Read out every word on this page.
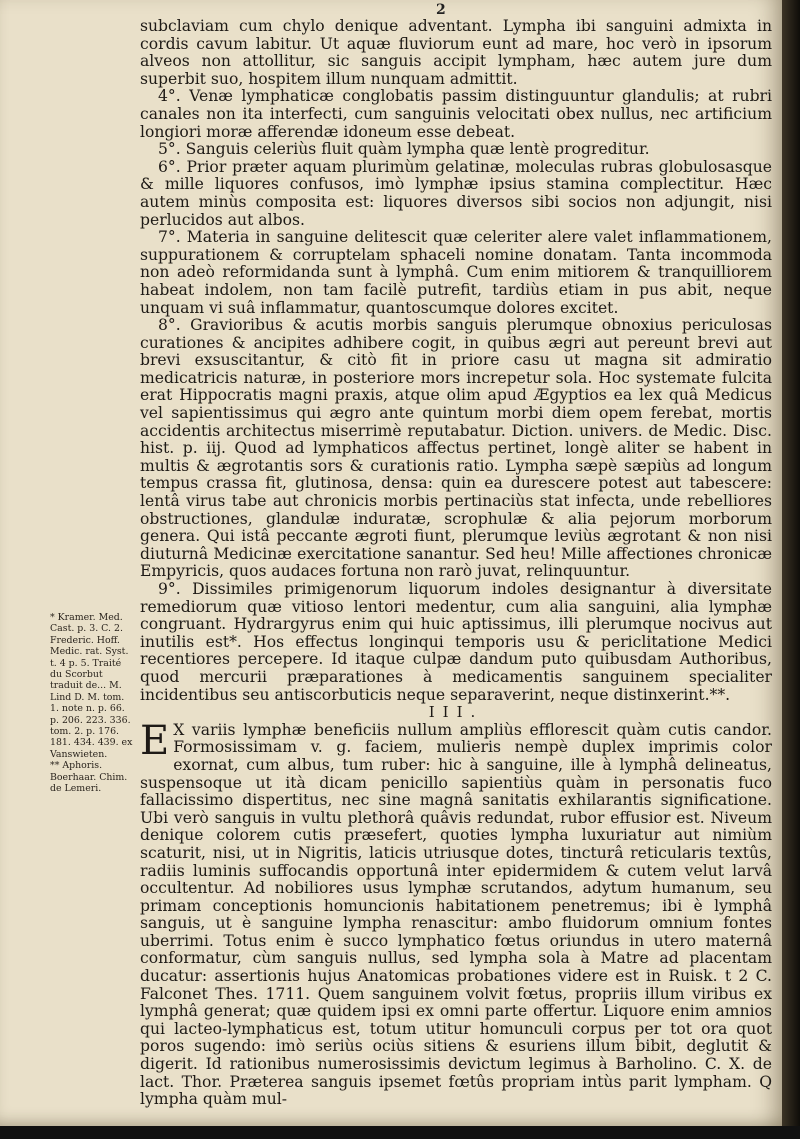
2

subclaviam cum chylo denique adventant. Lympha ibi sanguini admixta in cordis cavum labitur. Ut aquæ fluviorum eunt ad mare, hoc verò in ipsorum alveos non attollitur, sic sanguis accipit lympham, hæc autem jure dum superbit suo, hospitem illum nunquam admittit.

4°. Venæ lymphaticæ conglobatis passim distinguuntur glandulis; at rubri canales non ita interfecti, cum sanguinis velocitati obex nullus, nec artificium longiori moræ afferendæ idoneum esse debeat.

5°. Sanguis celeriùs fluit quàm lympha quæ lentè progreditur.

6°. Prior præter aquam plurimùm gelatinæ, moleculas rubras globulosasque & mille liquores confusos, imò lymphæ ipsius stamina complectitur. Hæc autem minùs composita est: liquores diversos sibi socios non adjungit, nisi perlucidos aut albos.

7°. Materia in sanguine delitescit quæ celeriter alere valet inflammationem, suppurationem & corruptelam sphaceli nomine donatam. Tanta incommoda non adeò reformidanda sunt à lymphâ. Cum enim mitiorem & tranquilliorem habeat indolem, non tam facilè putrefit, tardiùs etiam in pus abit, neque unquam vi suâ inflammatur, quantoscumque dolores excitet.

8°. Gravioribus & acutis morbis sanguis plerumque obnoxius periculosas curationes & ancipites adhibere cogit, in quibus ægri aut pereunt brevi aut brevi exsuscitantur, & citò fit in priore casu ut magna sit admiratio medicatricis naturæ, in posteriore mors increpetur sola. Hoc systemate fulcita erat Hippocratis magni praxis, atque olim apud Ægyptios ea lex quâ Medicus vel sapientissimus qui ægro ante quintum morbi diem opem ferebat, mortis accidentis architectus miserrimè reputabatur. Diction. univers. de Medic. Disc. hist. p. iij. Quod ad lymphaticos affectus pertinet, longè aliter se habent in multis & ægrotantis sors & curationis ratio. Lympha sæpè sæpiùs ad longum tempus crassa fit, glutinosa, densa: quin ea durescere potest aut tabescere: lentâ virus tabe aut chronicis morbis pertinaciùs stat infecta, unde rebelliores obstructiones, glandulæ induratæ, scrophulæ & alia pejorum morborum genera. Qui istâ peccante ægroti fiunt, plerumque leviùs ægrotant & non nisi diuturnâ Medicinæ exercitatione sanantur. Sed heu! Mille affectiones chronicæ Empyricis, quos audaces fortuna non rarò juvat, relinquuntur.

9°. Dissimiles primigenorum liquorum indoles designantur à diversitate remediorum quæ vitioso lentori medentur, cum alia sanguini, alia lymphæ congruant. Hydrargyrus enim qui huic aptissimus, illi plerumque nocivus aut inutilis est*. Hos effectus longinqui temporis usu & periclitatione Medici recentiores percepere. Id itaque culpæ dandum puto quibusdam Authoribus, quod mercurii præparationes à medicamentis sanguinem specialiter incidentibus seu antiscorbuticis neque separaverint, neque distinxerint.**.

III.

E X variis lymphæ beneficiis nullum ampliùs efflorescit quàm cutis candor. Formosissimam v. g. faciem, mulieris nempè duplex imprimis color exornat, cum albus, tum ruber: hic à sanguine, ille à lymphâ delineatus, suspensoque ut ità dicam penicillo sapientiùs quàm in personatis fuco fallacissimo dispertitus, nec sine magnâ sanitatis exhilarantis significatione. Ubi verò sanguis in vultu plethorâ quâvis redundat, rubor effusior est. Niveum denique colorem cutis præsefert, quoties lympha luxuriatur aut nimiùm scaturit, nisi, ut in Nigritis, laticis utriusque dotes, tincturâ reticularis textûs, radiis luminis suffocandis opportunâ inter epidermidem & cutem velut larvâ occultentur. Ad nobiliores usus lymphæ scrutandos, adytum humanum, seu primam conceptionis homuncionis habitationem penetremus; ibi è lymphâ sanguis, ut è sanguine lympha renascitur: ambo fluidorum omnium fontes uberrimi. Totus enim è succo lymphatico fœtus oriundus in utero maternâ conformatur, cùm sanguis nullus, sed lympha sola à Matre ad placentam ducatur: assertionis hujus Anatomicas probationes videre est in Ruisk. t 2 C. Falconet Thes. 1711. Quem sanguinem volvit fœtus, propriis illum viribus ex lymphâ generat; quæ quidem ipsi ex omni parte offertur. Liquore enim amnios qui lacteo-lymphaticus est, totum utitur homunculi corpus per tot ora quot poros sugendo: imò seriùs ociùs sitiens & esuriens illum bibit, deglutit & digerit. Id rationibus numerosissimis devictum legimus à Barholino. C. X. de lact. Thor. Præterea sanguis ipsemet fœtûs propriam intùs parit lympham. Q lympha quàm mul-

* Kramer. Med. Cast. p. 3. C. 2. Frederic. Hoff. Medic. rat. Syst. t. 4 p. 5. Traité du Scorbut traduit de... M. Lind D. M. tom. 1. note n. p. 66. p. 206. 223. 336. tom. 2. p. 176. 181. 434. 439. ex Vanswieten.
** Aphoris. Boerhaar. Chim. de Lemeri.
